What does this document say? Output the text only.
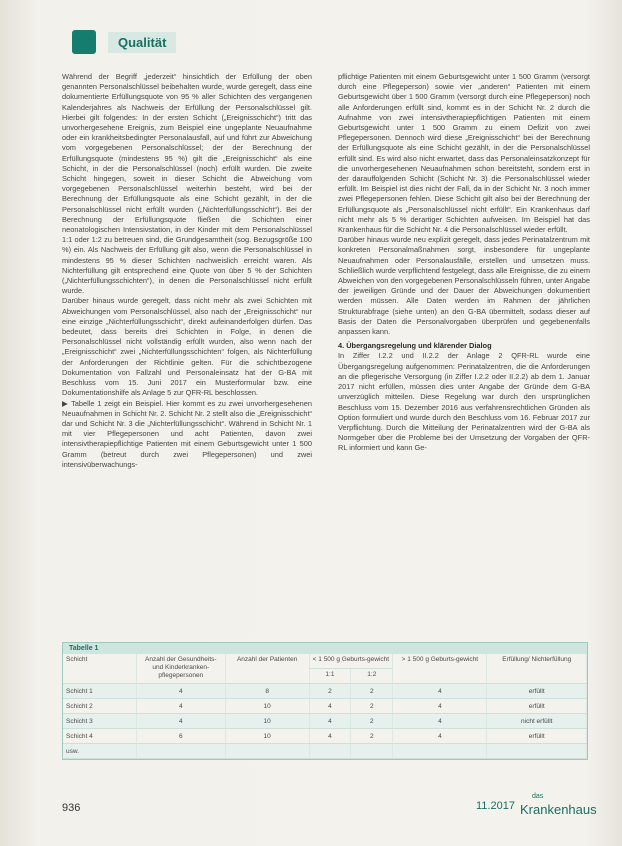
Qualität

Während der Begriff „jederzeit“ hinsichtlich der Erfüllung der oben genannten Personalschlüssel beibehalten wurde, wurde geregelt, dass eine dokumentierte Erfüllungsquote von 95 % aller Schichten des vergangenen Kalenderjahres als Nachweis der Erfüllung der Personalschlüssel gilt. Hierbei gilt folgendes: In der ersten Schicht („Ereignisschicht“) tritt das unvorhergesehene Ereignis, zum Beispiel eine ungeplante Neuaufnahme oder ein krankheitsbedingter Personalausfall, auf und führt zur Abweichung vom vorgegebenen Personalschlüssel; der der Berechnung der Erfüllungsquote (mindestens 95 %) gilt die „Ereignisschicht“ als eine Schicht, in der die Personalschlüssel (noch) erfüllt wurden. Die zweite Schicht hingegen, soweit in dieser Schicht die Abweichung vom vorgegebenen Personalschlüssel weiterhin besteht, wird bei der Berechnung der Erfüllungsquote als eine Schicht gezählt, in der die Personalschlüssel nicht erfüllt wurden („Nichterfüllungsschicht“). Bei der Berechnung der Erfüllungsquote fließen die Schichten einer neonatologischen Intensivstation, in der Kinder mit dem Personalschlüssel 1:1 oder 1:2 zu betreuen sind, die Grundgesamtheit (sog. Bezugsgröße 100 %) ein. Als Nachweis der Erfüllung gilt also, wenn die Personalschlüssel in mindestens 95 % dieser Schichten nachweislich erreicht waren. Als Nichterfüllung gilt entsprechend eine Quote von über 5 % der Schichten („Nichterfüllungsschichten“), in denen die Personalschlüssel nicht erfüllt wurde.

Darüber hinaus wurde geregelt, dass nicht mehr als zwei Schichten mit Abweichungen vom Personalschlüssel, also nach der „Ereignisschicht“ nur eine einzige „Nichterfüllungsschicht“, direkt aufeinanderfolgen dürfen. Das bedeutet, dass bereits drei Schichten in Folge, in denen die Personalschlüssel nicht vollständig erfüllt wurden, also wenn nach der „Ereignisschicht“ zwei „Nichterfüllungsschichten“ folgen, als Nichterfüllung der Anforderungen der Richtlinie gelten. Für die schichtbezogene Dokumentation von Fallzahl und Personaleinsatz hat der G-BA mit Beschluss vom 15. Juni 2017 ein Musterformular bzw. eine Dokumentationshilfe als Anlage 5 zur QFR-RL beschlossen.

▶ Tabelle 1 zeigt ein Beispiel. Hier kommt es zu zwei unvorhergesehenen Neuaufnahmen in Schicht Nr. 2. Schicht Nr. 2 stellt also die „Ereignisschicht“ dar und Schicht Nr. 3 die „Nichterfüllungsschicht“. Während in Schicht Nr. 1 mit vier Pflegepersonen und acht Patienten, davon zwei intensivtherapiepflichtige Patienten mit einem Geburtsgewicht unter 1 500 Gramm (betreut durch zwei Pflegepersonen) und zwei intensivüberwachungs-

pflichtige Patienten mit einem Geburtsgewicht unter 1 500 Gramm (versorgt durch eine Pflegeperson) sowie vier „anderen“ Patienten mit einem Geburtsgewicht über 1 500 Gramm (versorgt durch eine Pflegeperson) noch alle Anforderungen erfüllt sind, kommt es in der Schicht Nr. 2 durch die Aufnahme von zwei intensivtherapiepflichtigen Patienten mit einem Geburtsgewicht unter 1 500 Gramm zu einem Defizit von zwei Pflegepersonen. Dennoch wird diese „Ereignisschicht“ bei der Berechnung der Erfüllungsquote als eine Schicht gezählt, in der die Personalschlüssel erfüllt sind. Es wird also nicht erwartet, dass das Personaleinsatzkonzept für die unvorhergesehenen Neuaufnahmen schon bereitsteht, sondern erst in der darauffolgenden Schicht (Schicht Nr. 3) die Personalschlüssel wieder erfüllt. Im Beispiel ist dies nicht der Fall, da in der Schicht Nr. 3 noch immer zwei Pflegepersonen fehlen. Diese Schicht gilt also bei der Berechnung der Erfüllungsquote als „Personalschlüssel nicht erfüllt“. Ein Krankenhaus darf nicht mehr als 5 % derartiger Schichten aufweisen. Im Beispiel hat das Krankenhaus für die Schicht Nr. 4 die Personalschlüssel wieder erfüllt.

Darüber hinaus wurde neu explizit geregelt, dass jedes Perinatalzentrum mit konkreten Personalmaßnahmen sorgt, insbesondere für ungeplante Neuaufnahmen oder Personalausfälle, erstellen und umsetzen muss. Schließlich wurde verpflichtend festgelegt, dass alle Ereignisse, die zu einem Abweichen von den vorgegebenen Personalschlüsseln führen, unter Angabe der jeweiligen Gründe und der Dauer der Abweichungen dokumentiert werden müssen. Alle Daten werden im Rahmen der jährlichen Strukturabfrage (siehe unten) an den G-BA übermittelt, sodass dieser auf Basis der Daten die Personalvorgaben überprüfen und gegebenenfalls anpassen kann.

4. Übergangsregelung und klärender Dialog

In Ziffer I.2.2 und II.2.2 der Anlage 2 QFR-RL wurde eine Übergangsregelung aufgenommen: Perinatalzentren, die die Anforderungen an die pflegerische Versorgung (in Ziffer I.2.2 oder II.2.2) ab dem 1. Januar 2017 nicht erfüllen, müssen dies unter Angabe der Gründe dem G-BA unverzüglich mitteilen. Diese Regelung war durch den ursprünglichen Beschluss vom 15. Dezember 2016 aus verfahrensrechtlichen Gründen als Option formuliert und wurde durch den Beschluss vom 16. Februar 2017 zur Verpflichtung. Durch die Mitteilung der Perinatalzentren wird der G-BA als Normgeber über die Probleme bei der Umsetzung der Vorgaben der QFR-RL informiert und kann Ge-

Tabelle 1
Schicht	Anzahl der Gesundheits- und Kinderkranken-pflegepersonen	Anzahl der Patienten	< 1 500 g Geburts-gewicht		> 1 500 g Geburts-gewicht	Erfüllung/ Nichterfüllung
			1:1	1:2		
Schicht 1	4	8	2	2	4	erfüllt
Schicht 2	4	10	4	2	4	erfüllt
Schicht 3	4	10	4	2	4	nicht erfüllt
Schicht 4	6	10	4	2	4	erfüllt
usw.						
936	11.2017
das
Krankenhaus
